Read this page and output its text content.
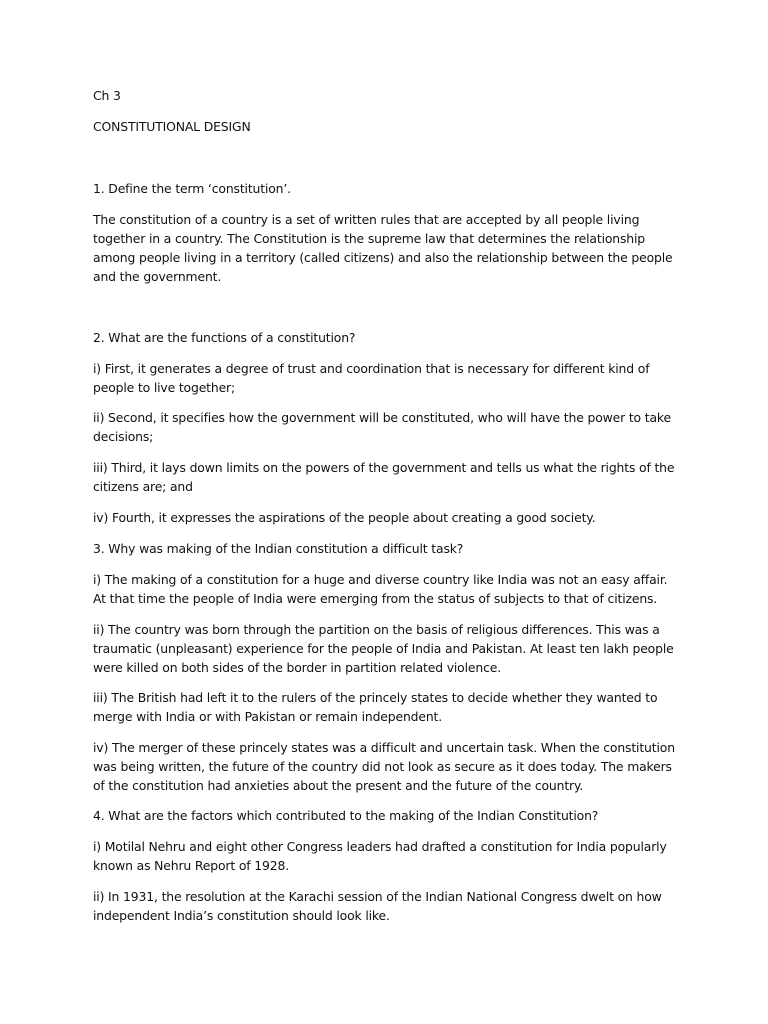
Ch 3

CONSTITUTIONAL DESIGN

1. Define the term ‘constitution’.

The constitution of a country is a set of written rules that are accepted by all people living together in a country. The Constitution is the supreme law that determines the relationship among people living in a territory (called citizens) and also the relationship between the people and the government.

2. What are the functions of a constitution?

i) First, it generates a degree of trust and coordination that is necessary for different kind of people to live together;

ii) Second, it specifies how the government will be constituted, who will have the power to take decisions;

iii) Third, it lays down limits on the powers of the government and tells us what the rights of the citizens are; and

iv) Fourth, it expresses the aspirations of the people about creating a good society.

3. Why was making of the Indian constitution a difficult task?

i) The making of a constitution for a huge and diverse country like India was not an easy affair. At that time the people of India were emerging from the status of subjects to that of citizens.

ii) The country was born through the partition on the basis of religious differences. This was a traumatic (unpleasant) experience for the people of India and Pakistan. At least ten lakh people were killed on both sides of the border in partition related violence.

iii) The British had left it to the rulers of the princely states to decide whether they wanted to merge with India or with Pakistan or remain independent.

iv) The merger of these princely states was a difficult and uncertain task. When the constitution was being written, the future of the country did not look as secure as it does today. The makers of the constitution had anxieties about the present and the future of the country.

4. What are the factors which contributed to the making of the Indian Constitution?

i) Motilal Nehru and eight other Congress leaders had drafted a constitution for India popularly known as Nehru Report of 1928.

ii) In 1931, the resolution at the Karachi session of the Indian National Congress dwelt on how independent India’s constitution should look like.
